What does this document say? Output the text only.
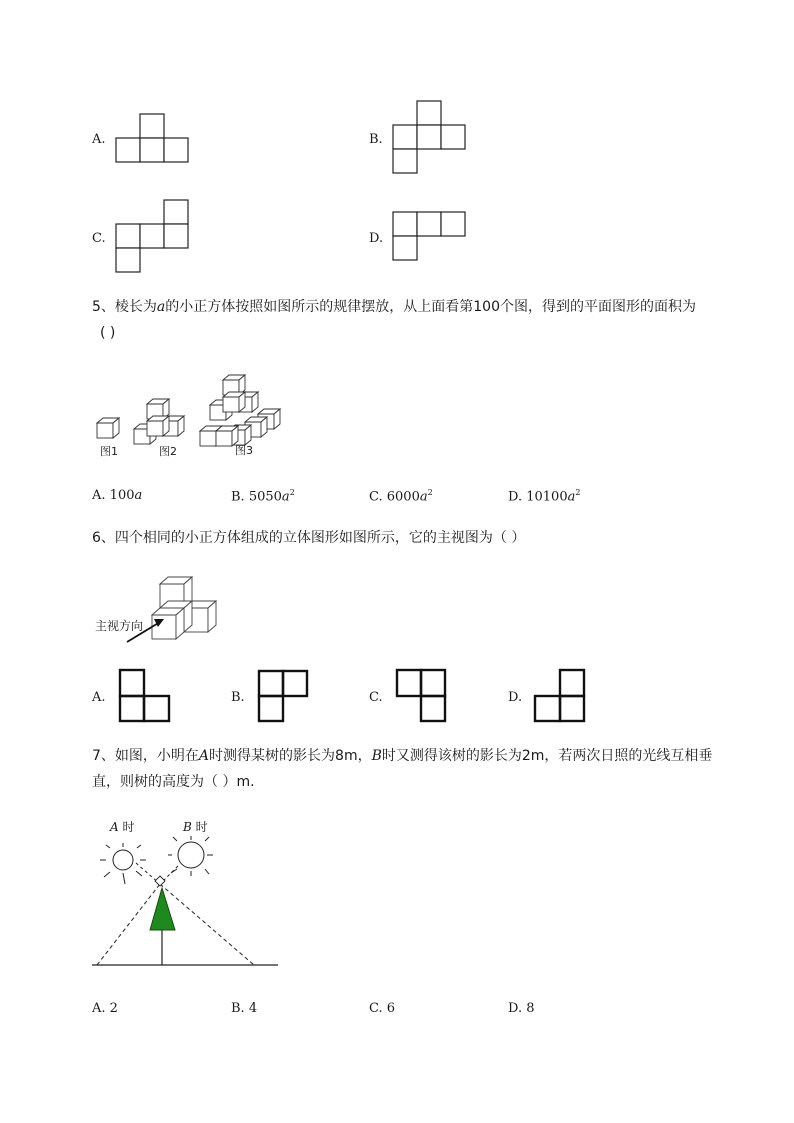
A.	B.
C.	D.
5、棱长为a的小正方体按照如图所示的规律摆放，从上面看第100个图，得到的平面图形的面积为
( )
图1	图2	图3
A. 100a	B. $5050a^2$	C. $6000a^2$	D. $10100a^2$
6、四个相同的小正方体组成的立体图形如图所示，它的主视图为（ ）
主视方向
A.	B.	C.	D.
7、如图，小明在A时测得某树的影长为8m，B时又测得该树的影长为2m，若两次日照的光线互相垂
直，则树的高度为（ ）m.
A 时	B 时
A. 2	B. 4	C. 6	D. 8
